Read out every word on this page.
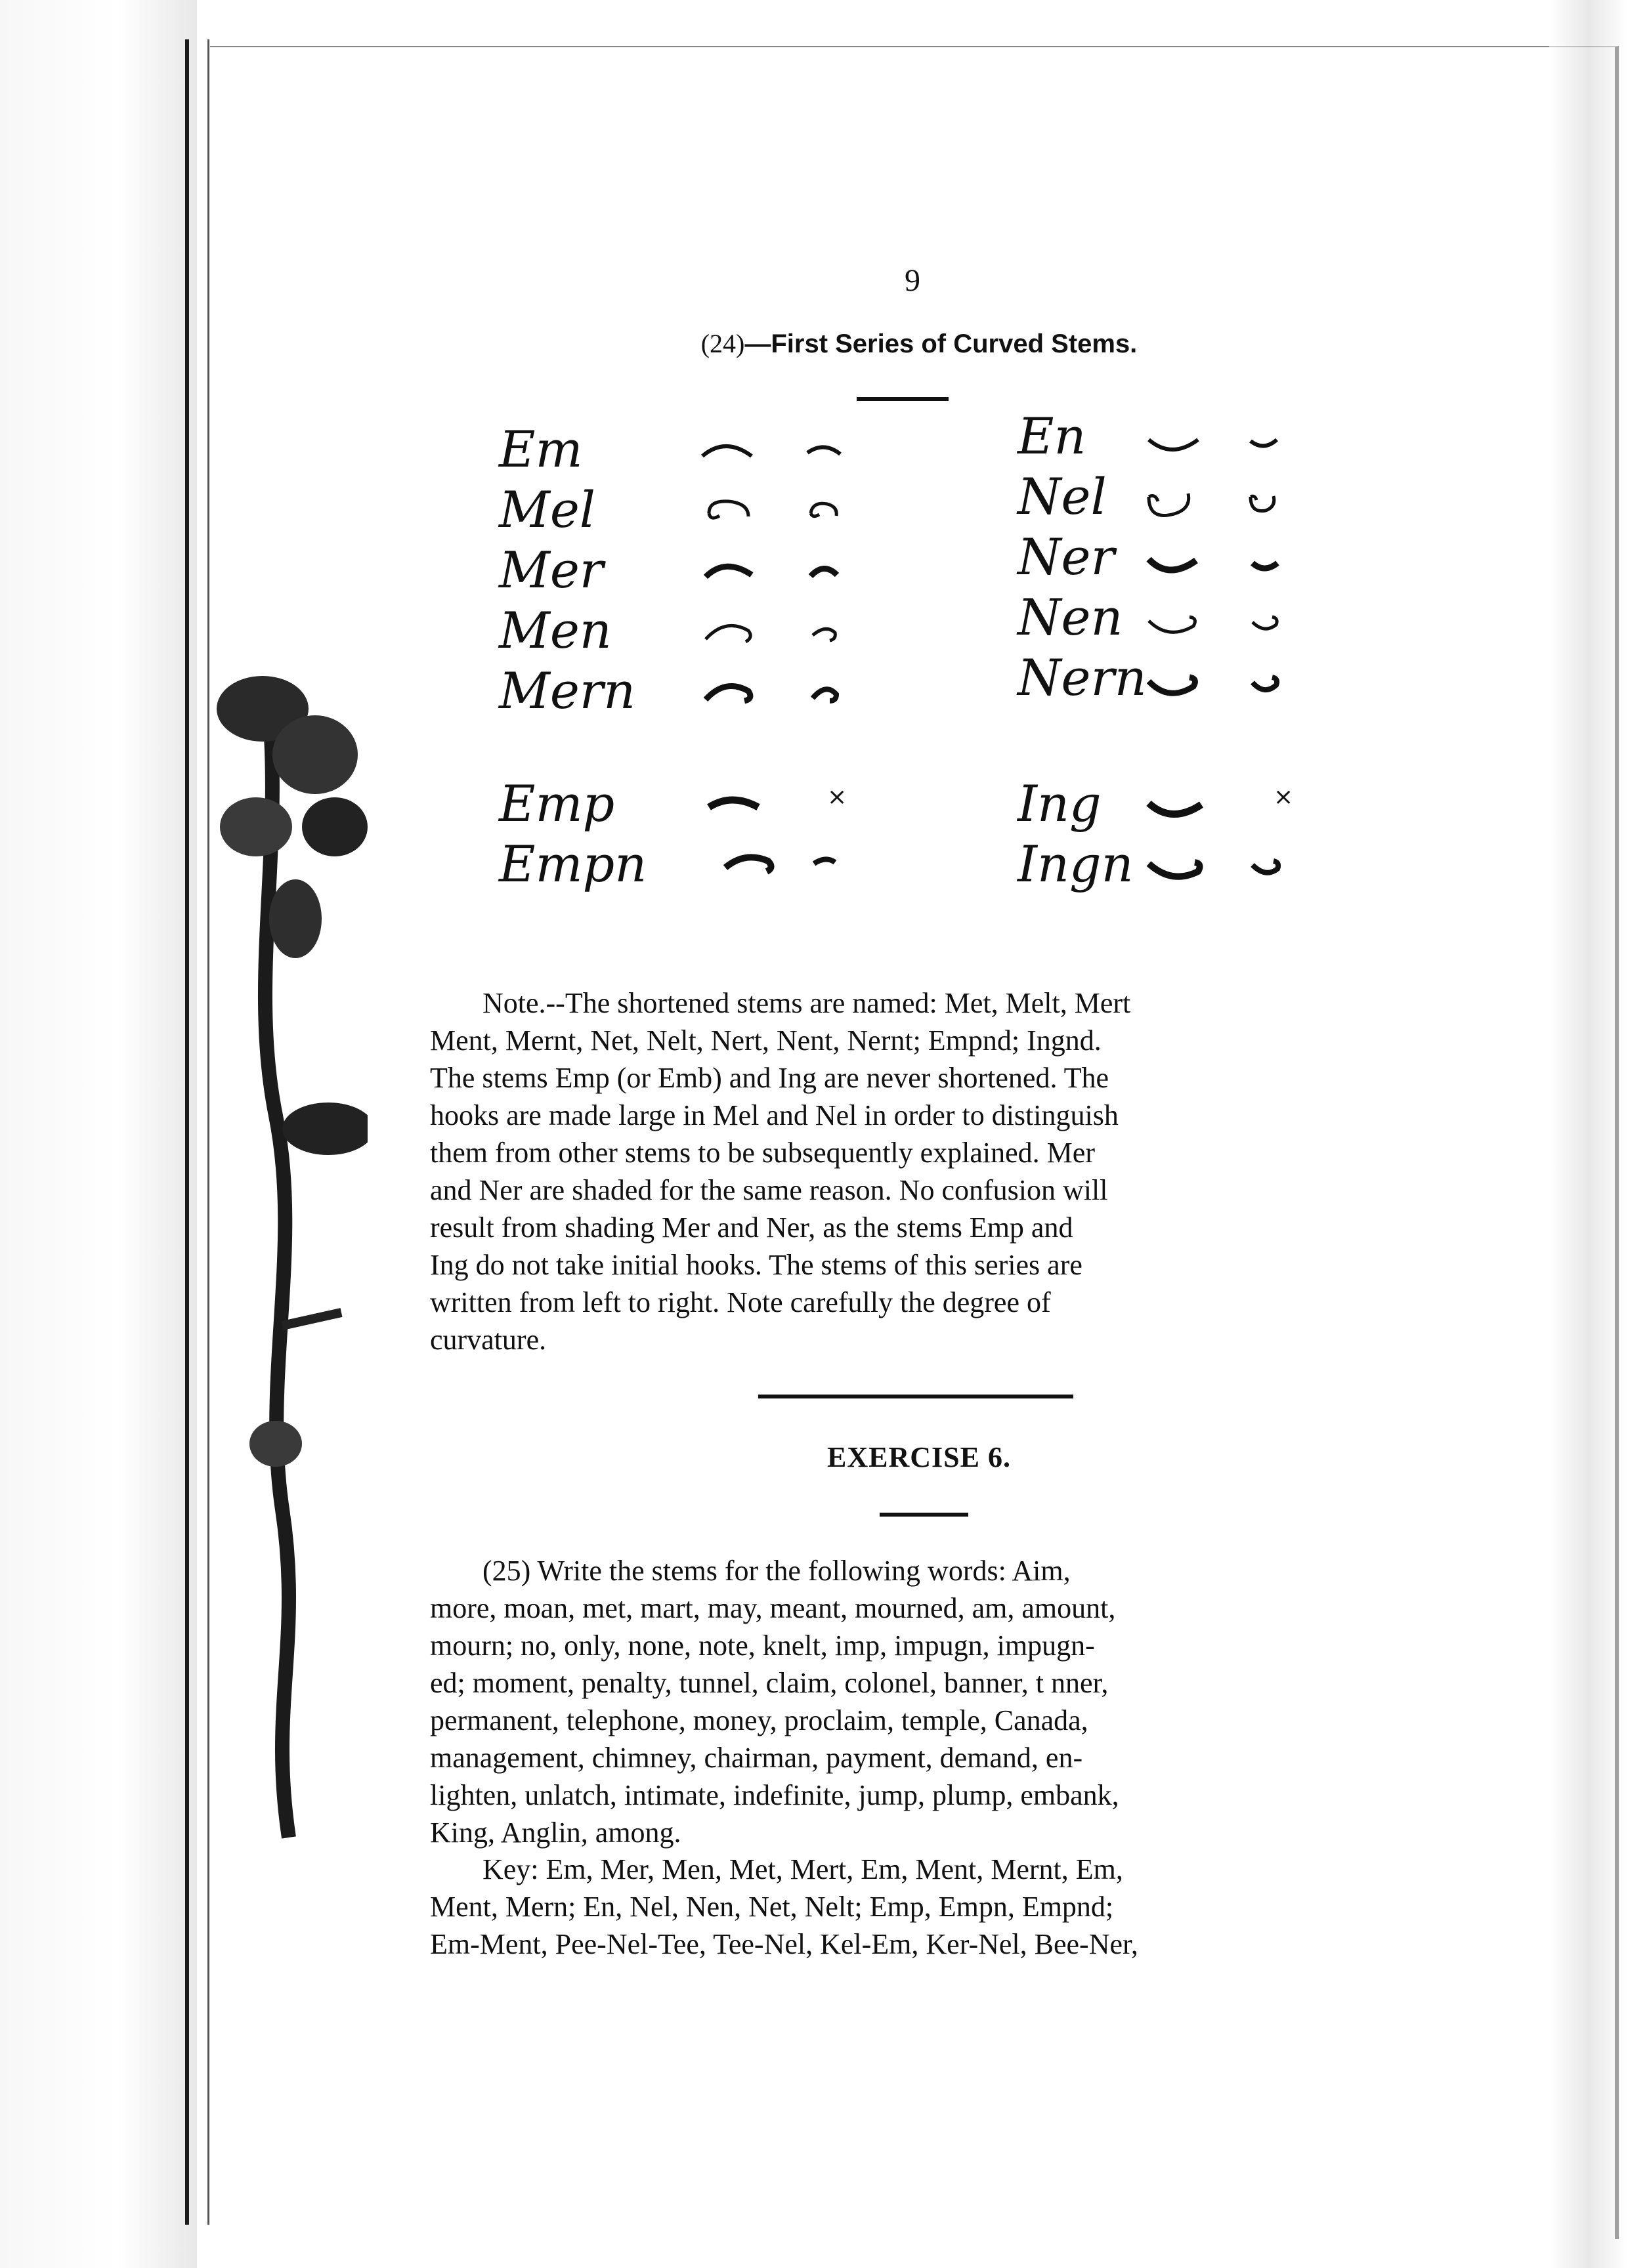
9
(24)—First Series of Curved Stems.
Em
Mel
Mer
Men
Mern
Emp	×
Empn
En
Nel
Ner
Nen
Nern
Ing	×
Ingn
Note.--The shortened stems are named: Met, Melt, Mert
Ment, Mernt, Net, Nelt, Nert, Nent, Nernt; Empnd; Ingnd.
The stems Emp (or Emb) and Ing are never shortened. The
hooks are made large in Mel and Nel in order to distinguish
them from other stems to be subsequently explained. Mer
and Ner are shaded for the same reason. No confusion will
result from shading Mer and Ner, as the stems Emp and
Ing do not take initial hooks. The stems of this series are
written from left to right. Note carefully the degree of
curvature.
EXERCISE 6.
(25) Write the stems for the following words: Aim,
more, moan, met, mart, may, meant, mourned, am, amount,
mourn; no, only, none, note, knelt, imp, impugn, impugn-
ed; moment, penalty, tunnel, claim, colonel, banner, t nner,
permanent, telephone, money, proclaim, temple, Canada,
management, chimney, chairman, payment, demand, en-
lighten, unlatch, intimate, indefinite, jump, plump, embank,
King, Anglin, among.
Key: Em, Mer, Men, Met, Mert, Em, Ment, Mernt, Em,
Ment, Mern; En, Nel, Nen, Net, Nelt; Emp, Empn, Empnd;
Em-Ment, Pee-Nel-Tee, Tee-Nel, Kel-Em, Ker-Nel, Bee-Ner,
